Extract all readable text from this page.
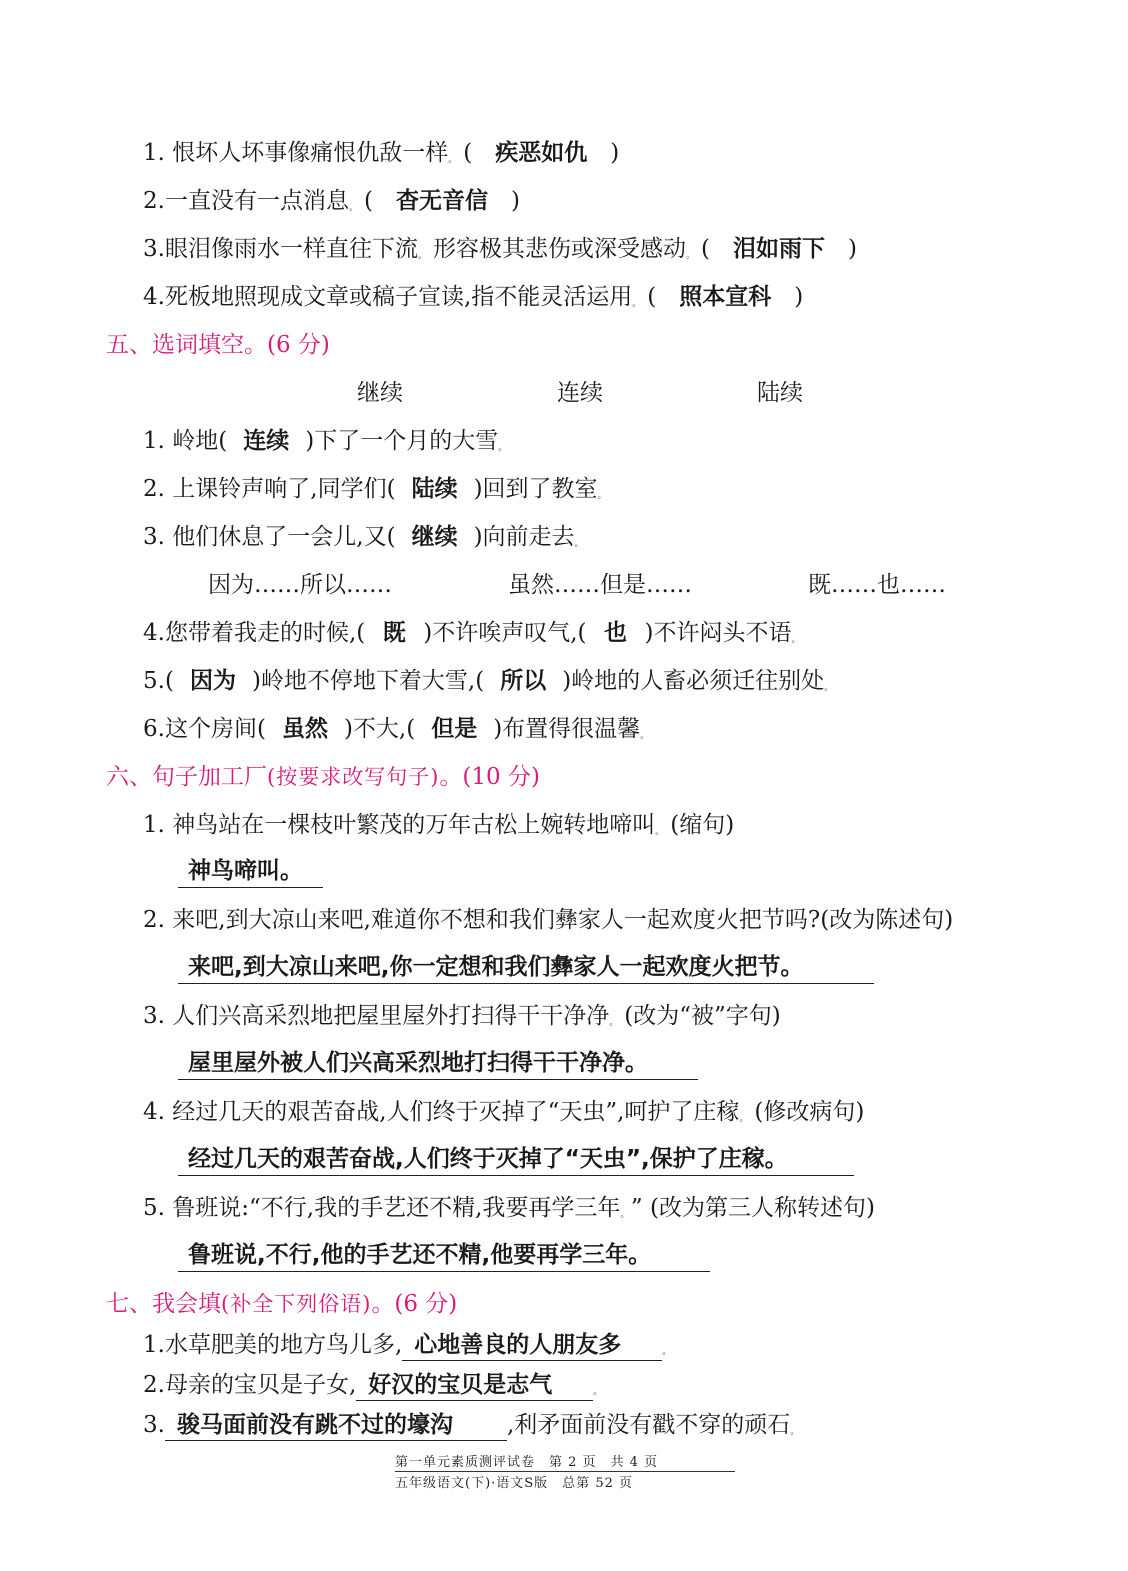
1. 恨坏人坏事像痛恨仇敌一样。 (　疾恶如仇　)
2.一直没有一点消息。 (　杳无音信　)
3.眼泪像雨水一样直往下流。 形容极其悲伤或深受感动。 (　泪如雨下　)
4.死板地照现成文章或稿子宣读,指不能灵活运用。 (　照本宣科　)
五、选词填空。(6 分)
继续	连续	陆续
1. 岭地( 连续 )下了一个月的大雪。
2. 上课铃声响了,同学们( 陆续 )回到了教室。
3. 他们休息了一会儿,又( 继续 )向前走去。
因为……所以……	虽然……但是……	既……也……
4.您带着我走的时候,( 既 )不许唉声叹气,( 也 )不许闷头不语。
5.( 因为 )岭地不停地下着大雪,( 所以 )岭地的人畜必须迁往别处。
6.这个房间( 虽然 )不大,( 但是 )布置得很温馨。
六、句子加工厂(按要求改写句子)。(10 分)
1. 神鸟站在一棵枝叶繁茂的万年古松上婉转地啼叫。 (缩句)
神鸟啼叫。
2. 来吧,到大凉山来吧,难道你不想和我们彝家人一起欢度火把节吗?(改为陈述句)
来吧,到大凉山来吧,你一定想和我们彝家人一起欢度火把节。
3. 人们兴高采烈地把屋里屋外打扫得干干净净。 (改为“被”字句)
屋里屋外被人们兴高采烈地打扫得干干净净。
4. 经过几天的艰苦奋战,人们终于灭掉了“天虫”,呵护了庄稼。 (修改病句)
经过几天的艰苦奋战,人们终于灭掉了“天虫”,保护了庄稼。
5. 鲁班说:“不行,我的手艺还不精,我要再学三年。 ” (改为第三人称转述句)
鲁班说,不行,他的手艺还不精,他要再学三年。
七、我会填(补全下列俗语)。(6 分)
1.水草肥美的地方鸟儿多, 心地善良的人朋友多	。
2.母亲的宝贝是子女, 好汉的宝贝是志气	。
3. 骏马面前没有跳不过的壕沟 ,利矛面前没有戳不穿的顽石。
第一单元素质测评试卷　第 2 页　共 4 页
五年级语文(下)·语文S版　总第 52 页
